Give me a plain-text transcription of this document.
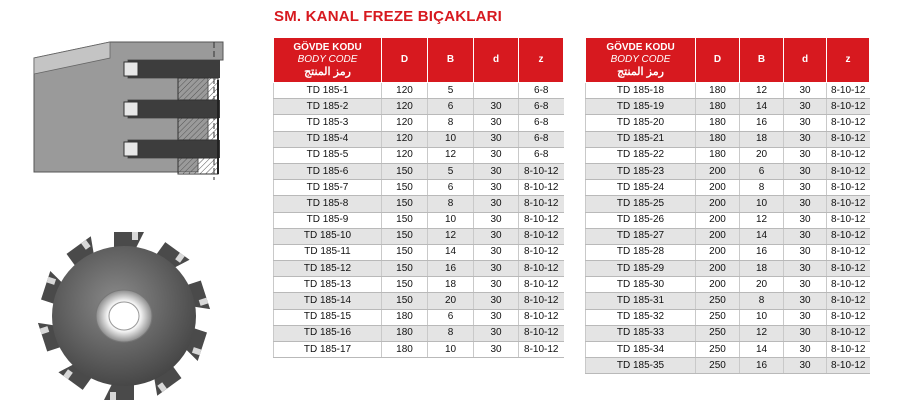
SM. KANAL FREZE BIÇAKLARI
GÖVDE KODU
BODY CODE
رمز المنتج	D	B	d	z
TD 185-1	120	5		6-8
TD 185-2	120	6	30	6-8
TD 185-3	120	8	30	6-8
TD 185-4	120	10	30	6-8
TD 185-5	120	12	30	6-8
TD 185-6	150	5	30	8-10-12
TD 185-7	150	6	30	8-10-12
TD 185-8	150	8	30	8-10-12
TD 185-9	150	10	30	8-10-12
TD 185-10	150	12	30	8-10-12
TD 185-11	150	14	30	8-10-12
TD 185-12	150	16	30	8-10-12
TD 185-13	150	18	30	8-10-12
TD 185-14	150	20	30	8-10-12
TD 185-15	180	6	30	8-10-12
TD 185-16	180	8	30	8-10-12
TD 185-17	180	10	30	8-10-12
GÖVDE KODU
BODY CODE
رمز المنتج	D	B	d	z
TD 185-18	180	12	30	8-10-12
TD 185-19	180	14	30	8-10-12
TD 185-20	180	16	30	8-10-12
TD 185-21	180	18	30	8-10-12
TD 185-22	180	20	30	8-10-12
TD 185-23	200	6	30	8-10-12
TD 185-24	200	8	30	8-10-12
TD 185-25	200	10	30	8-10-12
TD 185-26	200	12	30	8-10-12
TD 185-27	200	14	30	8-10-12
TD 185-28	200	16	30	8-10-12
TD 185-29	200	18	30	8-10-12
TD 185-30	200	20	30	8-10-12
TD 185-31	250	8	30	8-10-12
TD 185-32	250	10	30	8-10-12
TD 185-33	250	12	30	8-10-12
TD 185-34	250	14	30	8-10-12
TD 185-35	250	16	30	8-10-12
